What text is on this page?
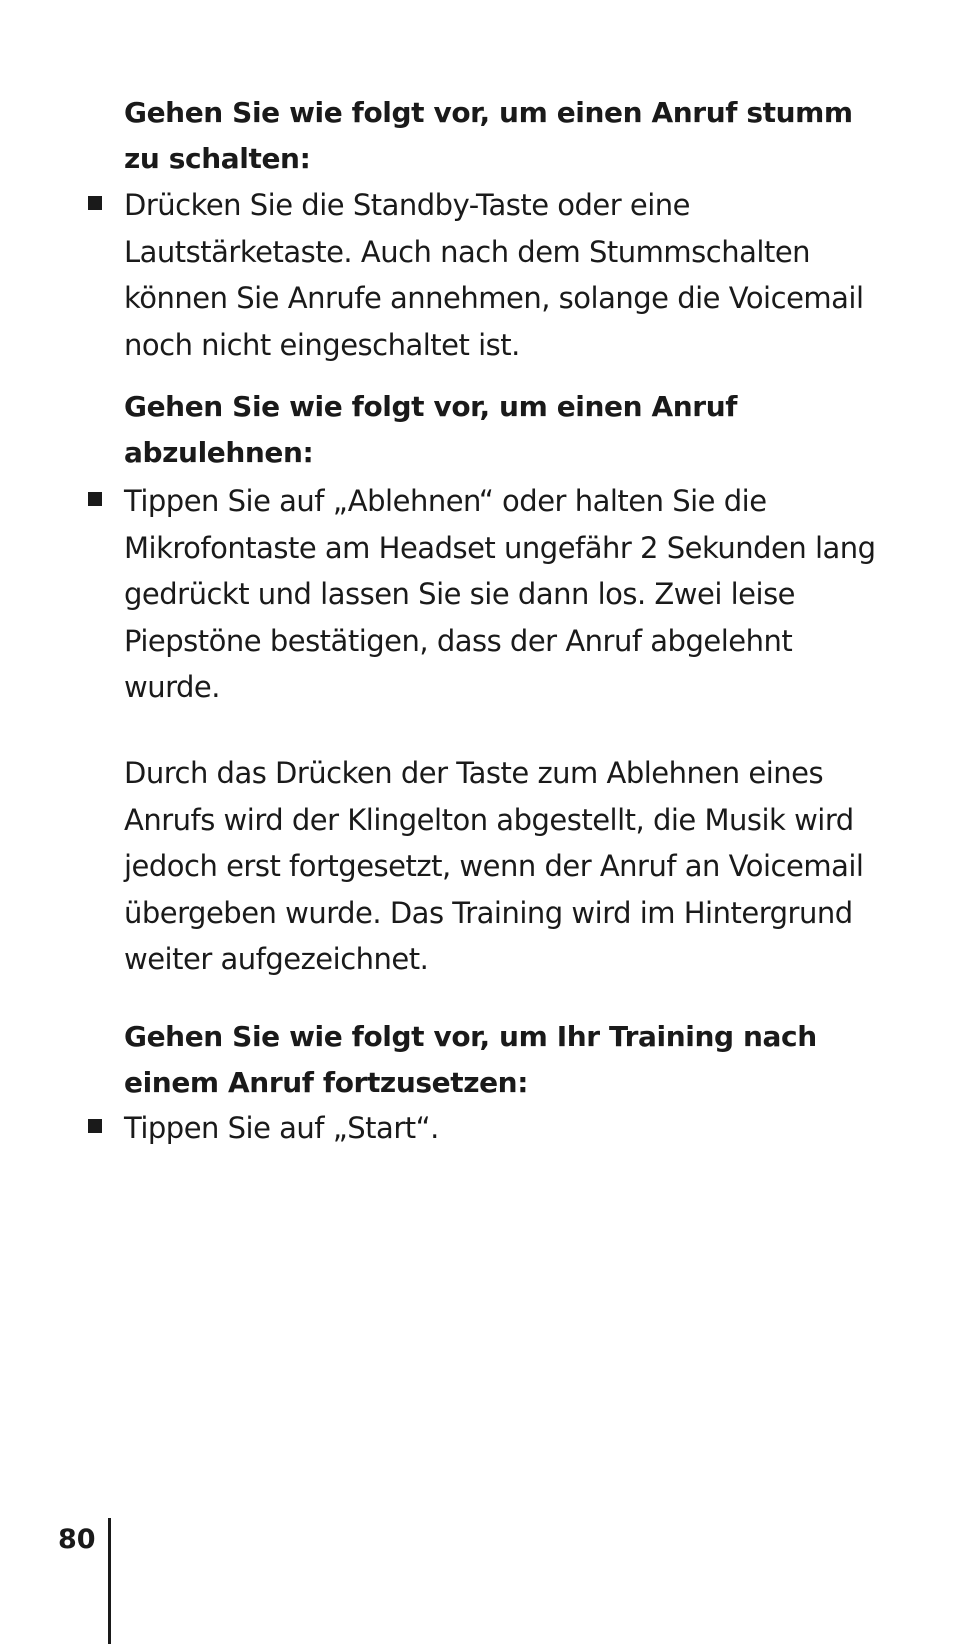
Gehen Sie wie folgt vor, um einen Anruf stumm zu schalten:

Drücken Sie die Standby-Taste oder eine Lautstärketaste. Auch nach dem Stummschalten können Sie Anrufe annehmen, solange die Voicemail noch nicht eingeschaltet ist.

Gehen Sie wie folgt vor, um einen Anruf abzulehnen:

Tippen Sie auf „Ablehnen“ oder halten Sie die Mikrofontaste am Headset ungefähr 2 Sekunden lang gedrückt und lassen Sie sie dann los. Zwei leise Piepstöne bestätigen, dass der Anruf abgelehnt wurde.

Durch das Drücken der Taste zum Ablehnen eines Anrufs wird der Klingelton abgestellt, die Musik wird jedoch erst fortgesetzt, wenn der Anruf an Voicemail übergeben wurde. Das Training wird im Hintergrund weiter aufgezeichnet.

Gehen Sie wie folgt vor, um Ihr Training nach einem Anruf fortzusetzen:

Tippen Sie auf „Start“.

80
